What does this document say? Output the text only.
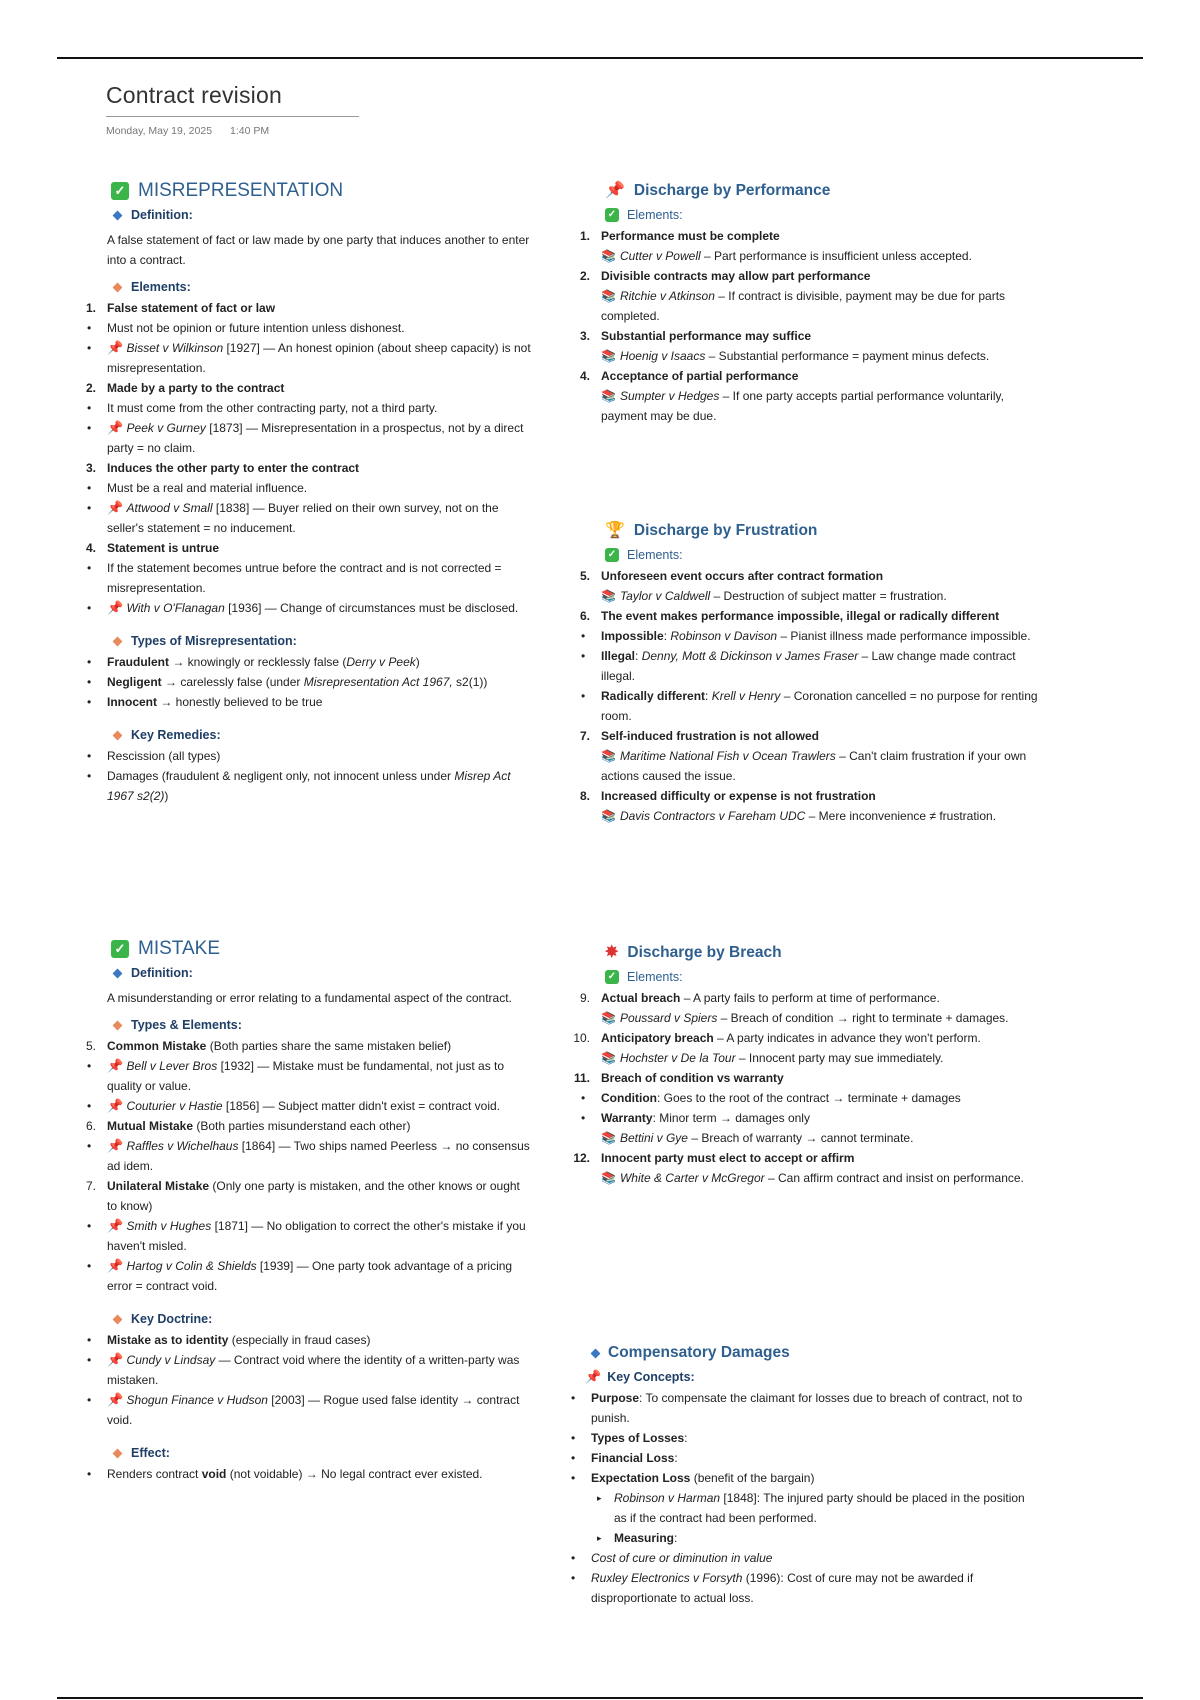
Contract revision
Monday, May 19, 2025 1:40 PM
✓ MISREPRESENTATION
Definition:
A false statement of fact or law made by one party that induces another to enter into a contract.
Elements:
1. False statement of fact or law
• Must not be opinion or future intention unless dishonest.
• 📌 Bisset v Wilkinson [1927] — An honest opinion (about sheep capacity) is not misrepresentation.
2. Made by a party to the contract
• It must come from the other contracting party, not a third party.
• 📌 Peek v Gurney [1873] — Misrepresentation in a prospectus, not by a direct party = no claim.
3. Induces the other party to enter the contract
• Must be a real and material influence.
• 📌 Attwood v Small [1838] — Buyer relied on their own survey, not on the seller's statement = no inducement.
4. Statement is untrue
• If the statement becomes untrue before the contract and is not corrected = misrepresentation.
• 📌 With v O'Flanagan [1936] — Change of circumstances must be disclosed.
Types of Misrepresentation:
• Fraudulent → knowingly or recklessly false (Derry v Peek)
• Negligent → carelessly false (under Misrepresentation Act 1967, s2(1))
• Innocent → honestly believed to be true
Key Remedies:
• Rescission (all types)
• Damages (fraudulent & negligent only, not innocent unless under Misrep Act 1967 s2(2))
✓ MISTAKE
Definition:
A misunderstanding or error relating to a fundamental aspect of the contract.
Types & Elements:
5. Common Mistake (Both parties share the same mistaken belief)
• 📌 Bell v Lever Bros [1932] — Mistake must be fundamental, not just as to quality or value.
• 📌 Couturier v Hastie [1856] — Subject matter didn't exist = contract void.
6. Mutual Mistake (Both parties misunderstand each other)
• 📌 Raffles v Wichelhaus [1864] — Two ships named Peerless → no consensus ad idem.
7. Unilateral Mistake (Only one party is mistaken, and the other knows or ought to know)
• 📌 Smith v Hughes [1871] — No obligation to correct the other's mistake if you haven't misled.
• 📌 Hartog v Colin & Shields [1939] — One party took advantage of a pricing error = contract void.
Key Doctrine:
• Mistake as to identity (especially in fraud cases)
• 📌 Cundy v Lindsay — Contract void where the identity of a written-party was mistaken.
• 📌 Shogun Finance v Hudson [2003] — Rogue used false identity → contract void.
Effect:
• Renders contract void (not voidable) → No legal contract ever existed.
📌 Discharge by Performance
✓ Elements:
1. Performance must be complete
📚 Cutter v Powell – Part performance is insufficient unless accepted.
2. Divisible contracts may allow part performance
📚 Ritchie v Atkinson – If contract is divisible, payment may be due for parts completed.
3. Substantial performance may suffice
📚 Hoenig v Isaacs – Substantial performance = payment minus defects.
4. Acceptance of partial performance
📚 Sumpter v Hedges – If one party accepts partial performance voluntarily, payment may be due.
🏆 Discharge by Frustration
✓ Elements:
5. Unforeseen event occurs after contract formation
📚 Taylor v Caldwell – Destruction of subject matter = frustration.
6. The event makes performance impossible, illegal or radically different
• Impossible: Robinson v Davison – Pianist illness made performance impossible.
• Illegal: Denny, Mott & Dickinson v James Fraser – Law change made contract illegal.
• Radically different: Krell v Henry – Coronation cancelled = no purpose for renting room.
7. Self-induced frustration is not allowed
📚 Maritime National Fish v Ocean Trawlers – Can't claim frustration if your own actions caused the issue.
8. Increased difficulty or expense is not frustration
📚 Davis Contractors v Fareham UDC – Mere inconvenience ≠ frustration.
✸ Discharge by Breach
✓ Elements:
9. Actual breach – A party fails to perform at time of performance.
📚 Poussard v Spiers – Breach of condition → right to terminate + damages.
10. Anticipatory breach – A party indicates in advance they won't perform.
📚 Hochster v De la Tour – Innocent party may sue immediately.
11. Breach of condition vs warranty
• Condition: Goes to the root of the contract → terminate + damages
• Warranty: Minor term → damages only
📚 Bettini v Gye – Breach of warranty → cannot terminate.
12. Innocent party must elect to accept or affirm
📚 White & Carter v McGregor – Can affirm contract and insist on performance.
Compensatory Damages
📌 Key Concepts:
• Purpose: To compensate the claimant for losses due to breach of contract, not to punish.
• Types of Losses:
• Financial Loss:
• Expectation Loss (benefit of the bargain)
▸ Robinson v Harman [1848]: The injured party should be placed in the position as if the contract had been performed.
▸ Measuring:
• Cost of cure or diminution in value
• Ruxley Electronics v Forsyth (1996): Cost of cure may not be awarded if disproportionate to actual loss.
